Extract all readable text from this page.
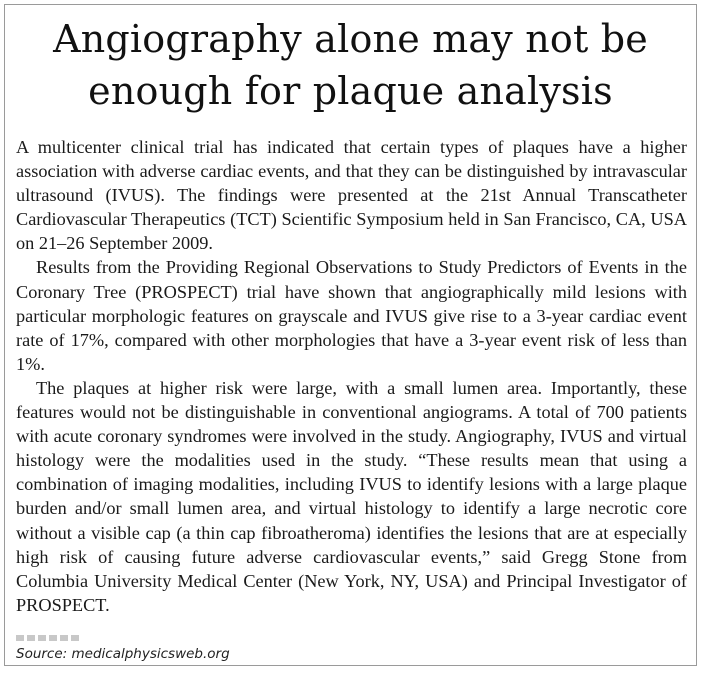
Angiography alone may not be enough for plaque analysis

A multicenter clinical trial has indicated that certain types of plaques have a higher association with adverse cardiac events, and that they can be distinguished by intravascular ultrasound (IVUS). The findings were presented at the 21st Annual Transcatheter Cardiovascular Therapeutics (TCT) Scientific Symposium held in San Francisco, CA, USA on 21–26 September 2009.

Results from the Providing Regional Observations to Study Predictors of Events in the Coronary Tree (PROSPECT) trial have shown that angiographically mild lesions with particular morphologic features on grayscale and IVUS give rise to a 3-year cardiac event rate of 17%, compared with other morphologies that have a 3-year event risk of less than 1%.

The plaques at higher risk were large, with a small lumen area. Importantly, these features would not be distinguishable in conventional angiograms. A total of 700 patients with acute coronary syndromes were involved in the study. Angiography, IVUS and virtual histology were the modalities used in the study. “These results mean that using a combination of imaging modalities, including IVUS to identify lesions with a large plaque burden and/or small lumen area, and virtual histology to identify a large necrotic core without a visible cap (a thin cap fibroatheroma) identifies the lesions that are at especially high risk of causing future adverse cardiovascular events,” said Gregg Stone from Columbia University Medical Center (New York, NY, USA) and Principal Investigator of PROSPECT.

Source: medicalphysicsweb.org
